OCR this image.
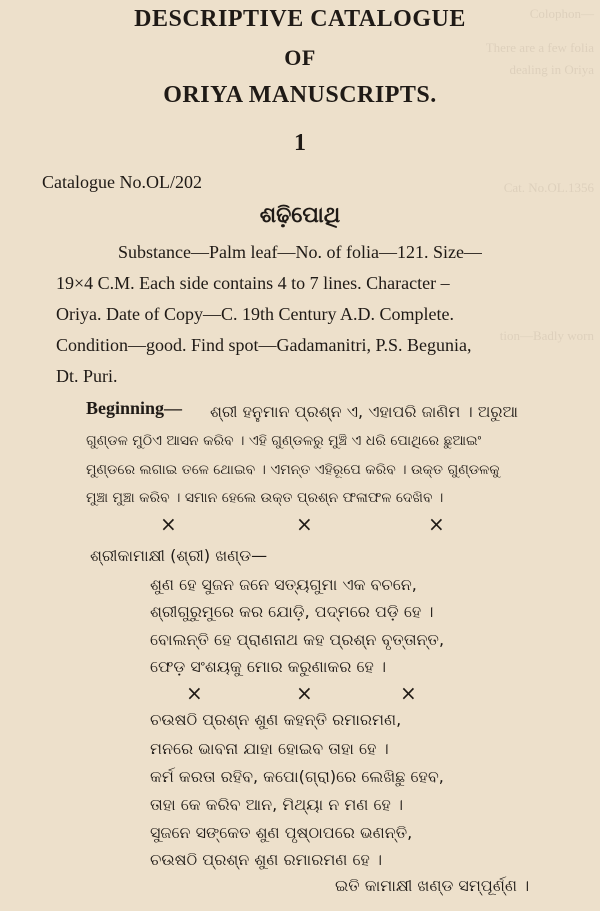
Colophon—
There are a few folia
dealing in Oriya
Cat. No.OL.1356
tion—Badly worn
DESCRIPTIVE CATALOGUE
OF
ORIYA MANUSCRIPTS.
1
Catalogue No.OL/202
ଶଢ଼ିପୋଥି
Substance—Palm leaf—No. of folia—121. Size—
19×4 C.M. Each side contains 4 to 7 lines. Character –
Oriya. Date of Copy—C. 19th Century A.D. Complete.
Condition—good. Find spot—Gadamanitri, P.S. Begunia,
Dt. Puri.
Beginning— ଶ୍ରୀ ହନୁମାନ ପ୍ରଶ୍ନ ଏ, ଏହାପରି ଜାଣିମ । ଅରୁଆ
ଗୁଣ୍ଡଳ ମୁଠିଏ ଆସନ କରିବ । ଏହି ଗୁଣ୍ଡଳରୁ ମୁଞ୍ଚି ଏ ଧରି ପୋଥିରେ ଛୁଆଇଂ
ମୁଣ୍ଡରେ ଲଗାଇ ତଳେ ଥୋଇବ । ଏମନ୍ତ ଏହିରୂପେ କରିବ । ଉକ୍ତ ଗୁଣ୍ଡଳକୁ
ମୁଞ୍ଚା ମୁଞ୍ଚା କରିବ । ସମାନ ହେଲେ ଉକ୍ତ ପ୍ରଶ୍ନ ଫଳାଫଳ ଦେଖିବ ।
×	×	×
ଶ୍ରୀକାମାକ୍ଷୀ (ଶ୍ରୀ) ଖଣ୍ଡ—
ଶୁଣ ହେ ସୁଜନ ଜନେ ସତ୍ୟଗୁମା ଏକ ବଚନେ,
ଶ୍ରୀଗୁରୁମୁରେ କର ଯୋଡ଼ି, ପଦ୍ମରେ ପଡ଼ି ହେ ।
ବୋଲନ୍ତି ହେ ପ୍ରାଣନାଥ କହ ପ୍ରଶ୍ନ ବୃତ୍ତାନ୍ତ,
ଫେଡ଼ ସଂଶୟକୁ ମୋର କରୁଣାକର ହେ ।
×	×	×
ଚଉଷଠି ପ୍ରଶ୍ନ ଶୁଣ କହନ୍ତି ରମାରମଣ,
ମନରେ ଭାବନା ଯାହା ହୋଇବ ତାହା ହେ ।
କର୍ମ କରତା ରହିବ, କପୋ(ଗ୍ରା)ରେ ଲେଖିଛୁ ହେବ,
ତାହା କେ କରିବ ଆନ, ମିଥ୍ୟା ନ ମଣ ହେ ।
ସୁଜନେ ସଙ୍କେତ ଶୁଣ ପୃଷ୍ଠାପରେ ଭଣନ୍ତି,
ଚଉଷଠି ପ୍ରଶ୍ନ ଶୁଣ ରମାରମଣ ହେ ।
ଇତି କାମାକ୍ଷୀ ଖଣ୍ଡ ସମ୍ପୂର୍ଣ୍ଣ ।
